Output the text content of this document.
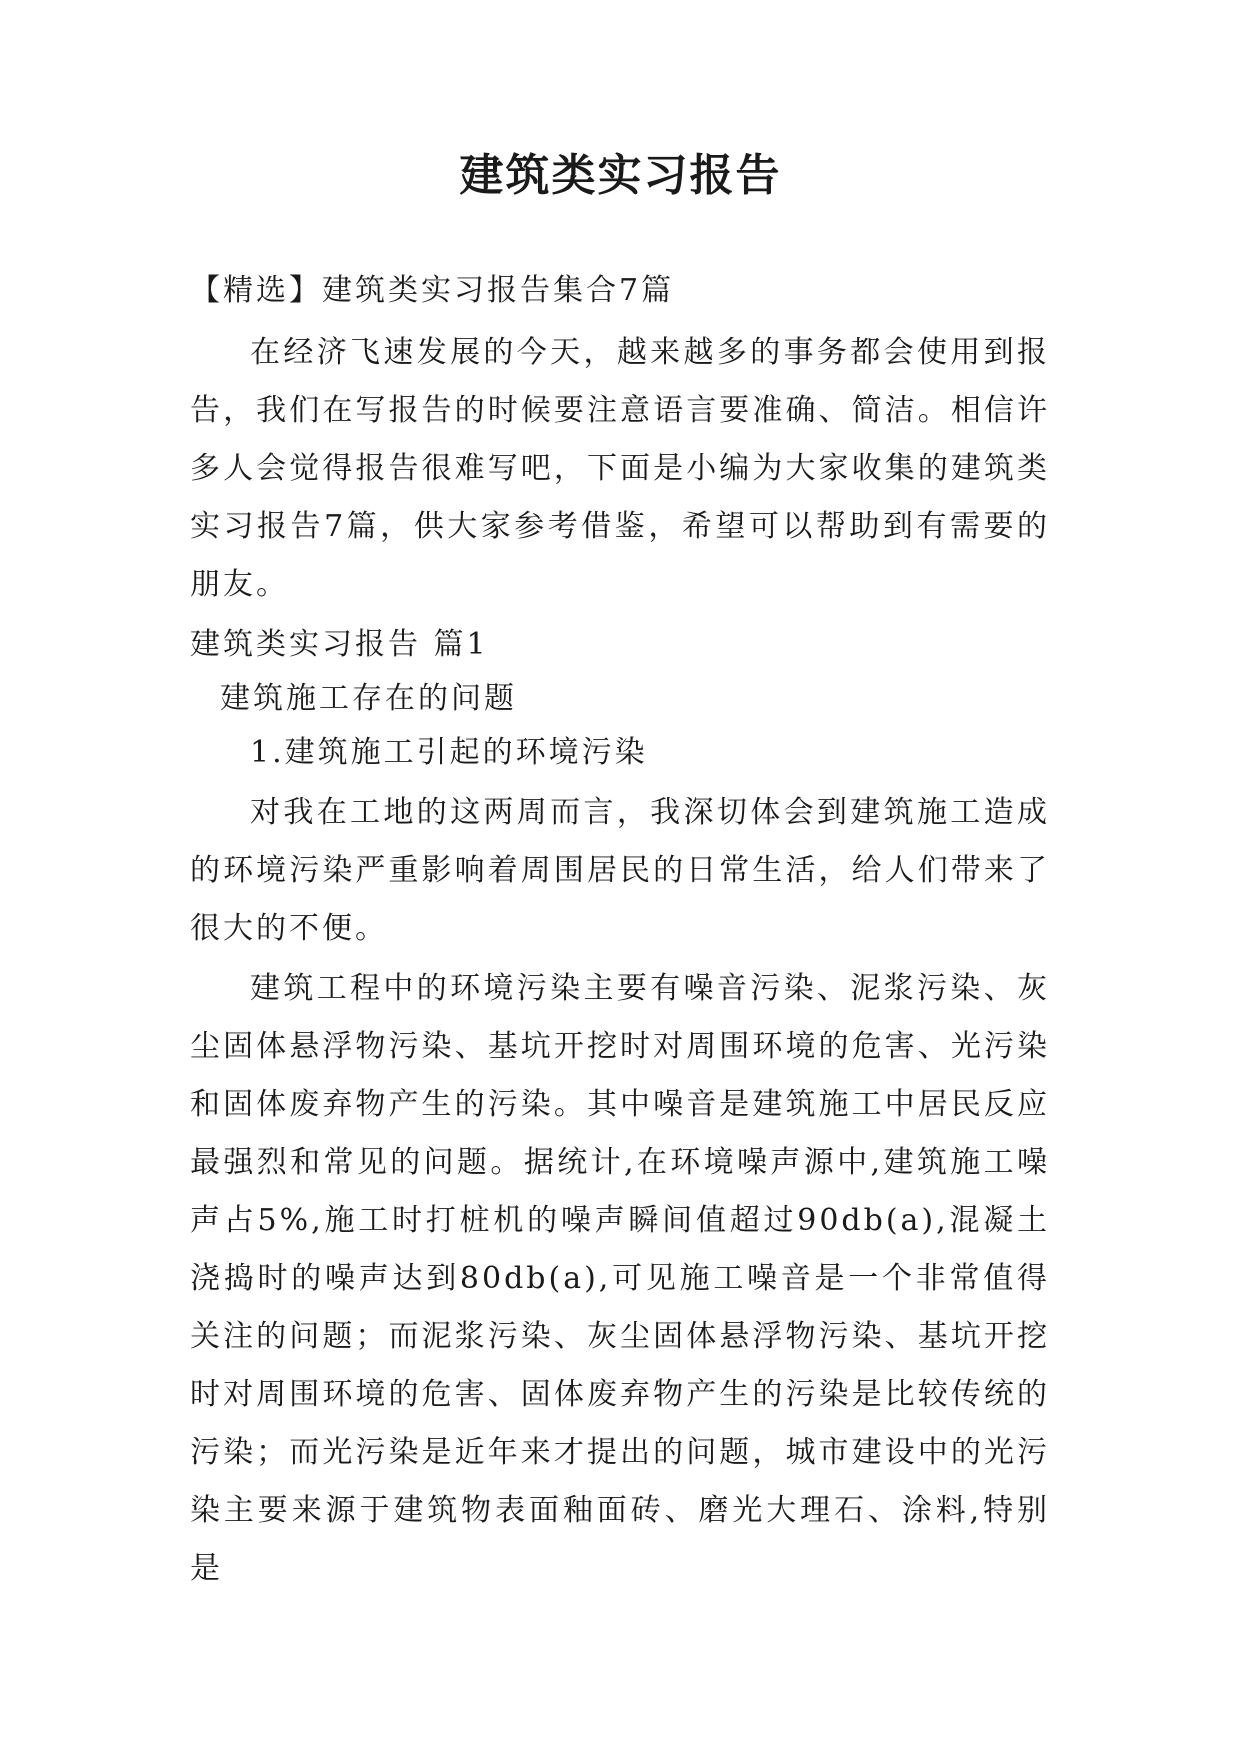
建筑类实习报告

【精选】建筑类实习报告集合7篇

在经济飞速发展的今天，越来越多的事务都会使用到报告，我们在写报告的时候要注意语言要准确、简洁。相信许多人会觉得报告很难写吧，下面是小编为大家收集的建筑类实习报告7篇，供大家参考借鉴，希望可以帮助到有需要的朋友。

建筑类实习报告 篇1

建筑施工存在的问题

1.建筑施工引起的环境污染

对我在工地的这两周而言，我深切体会到建筑施工造成的环境污染严重影响着周围居民的日常生活，给人们带来了很大的不便。

建筑工程中的环境污染主要有噪音污染、泥浆污染、灰尘固体悬浮物污染、基坑开挖时对周围环境的危害、光污染和固体废弃物产生的污染。其中噪音是建筑施工中居民反应最强烈和常见的问题。据统计,在环境噪声源中,建筑施工噪声占5%,施工时打桩机的噪声瞬间值超过90db(a),混凝土浇捣时的噪声达到80db(a),可见施工噪音是一个非常值得关注的问题；而泥浆污染、灰尘固体悬浮物污染、基坑开挖时对周围环境的危害、固体废弃物产生的污染是比较传统的污染；而光污染是近年来才提出的问题，城市建设中的光污染主要来源于建筑物表面釉面砖、磨光大理石、涂料,特别是
